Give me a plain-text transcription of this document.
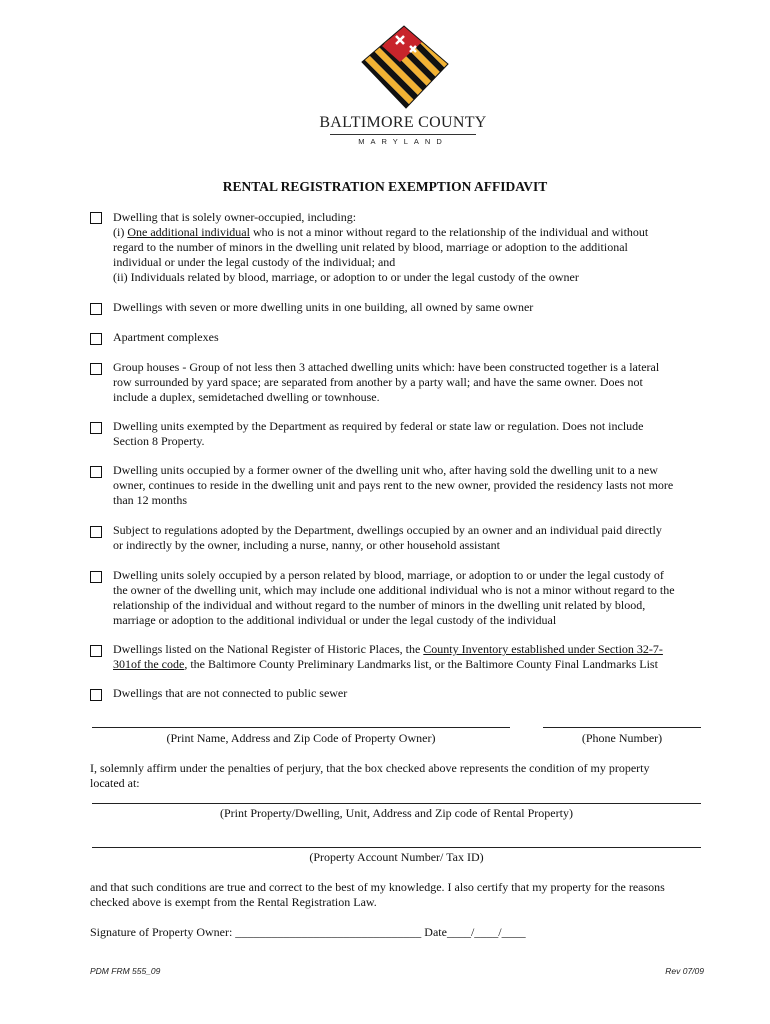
BALTIMORE COUNTY
MARYLAND
RENTAL REGISTRATION EXEMPTION AFFIDAVIT
Dwelling that is solely owner-occupied, including:
(i) One additional individual who is not a minor without regard to the relationship of the individual and without
regard to the number of minors in the dwelling unit related by blood, marriage or adoption to the additional
individual or under the legal custody of the individual; and
(ii) Individuals related by blood, marriage, or adoption to or under the legal custody of the owner
Dwellings with seven or more dwelling units in one building, all owned by same owner
Apartment complexes
Group houses - Group of not less then 3 attached dwelling units which: have been constructed together is a lateral
row surrounded by yard space; are separated from another by a party wall; and have the same owner. Does not
include a duplex, semidetached dwelling or townhouse.
Dwelling units exempted by the Department as required by federal or state law or regulation. Does not include
Section 8 Property.
Dwelling units occupied by a former owner of the dwelling unit who, after having sold the dwelling unit to a new
owner, continues to reside in the dwelling unit and pays rent to the new owner, provided the residency lasts not more
than 12 months
Subject to regulations adopted by the Department, dwellings occupied by an owner and an individual paid directly
or indirectly by the owner, including a nurse, nanny, or other household assistant
Dwelling units solely occupied by a person related by blood, marriage, or adoption to or under the legal custody of
the owner of the dwelling unit, which may include one additional individual who is not a minor without regard to the
relationship of the individual and without regard to the number of minors in the dwelling unit related by blood,
marriage or adoption to the additional individual or under the legal custody of the individual
Dwellings listed on the National Register of Historic Places, the County Inventory established under Section 32-7-
301of the code, the Baltimore County Preliminary Landmarks list, or the Baltimore County Final Landmarks List
Dwellings that are not connected to public sewer
(Print Name, Address and Zip Code of Property Owner)	(Phone Number)
I, solemnly affirm under the penalties of perjury, that the box checked above represents the condition of my property
located at:
(Print Property/Dwelling, Unit, Address and Zip code of Rental Property)
(Property Account Number/ Tax ID)
and that such conditions are true and correct to the best of my knowledge. I also certify that my property for the reasons
checked above is exempt from the Rental Registration Law.
Signature of Property Owner: _______________________________ Date____/____/____
PDM FRM 555_09	Rev 07/09
